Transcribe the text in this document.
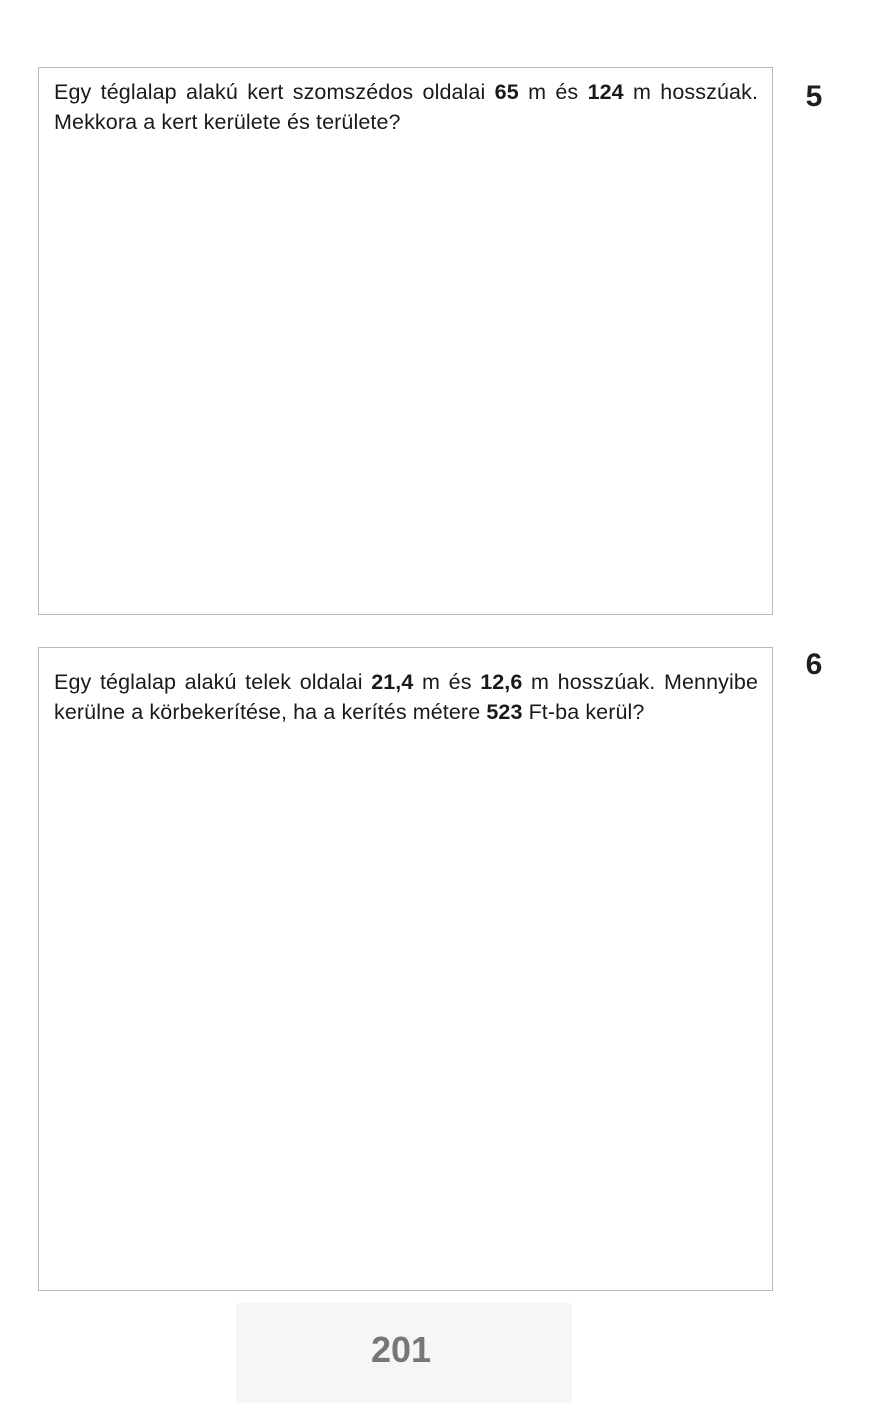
Egy téglalap alakú kert szomszédos oldalai 65 m és 124 m hosszúak. Mekkora a kert kerülete és területe?
5
Egy téglalap alakú telek oldalai 21,4 m és 12,6 m hosszúak. Mennyibe kerülne a körbekerítése, ha a kerítés métere 523 Ft-ba kerül?
6
201
